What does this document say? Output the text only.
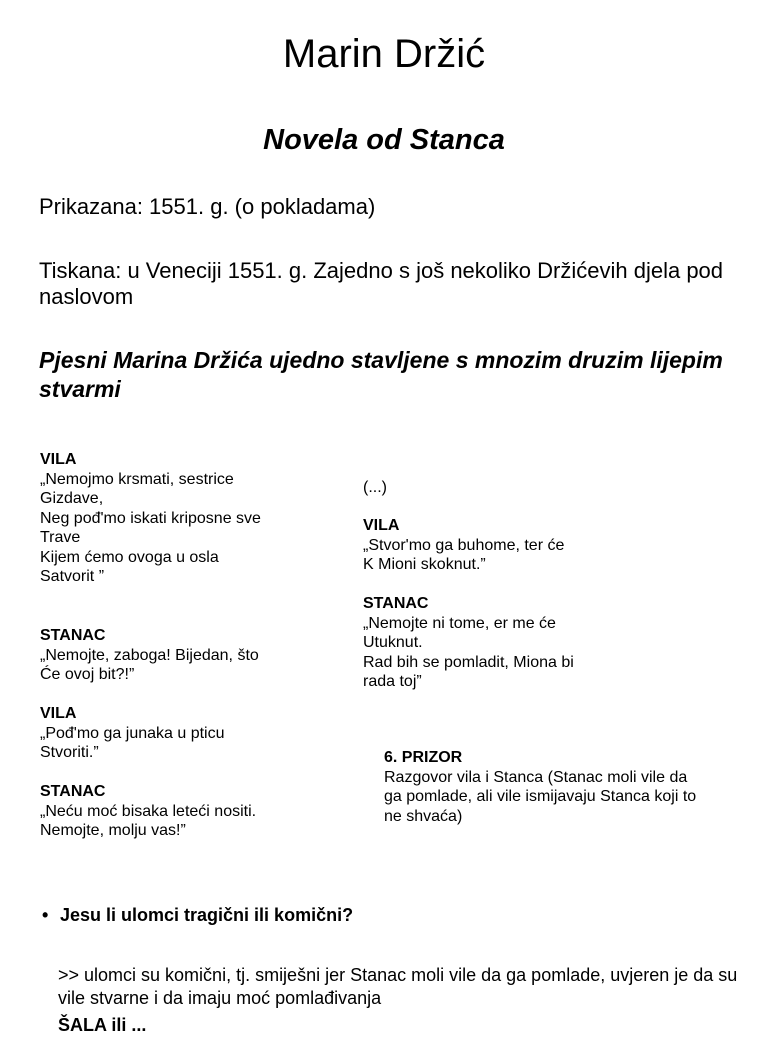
Marin Držić
Novela od Stanca
Prikazana: 1551. g. (o pokladama)
Tiskana: u Veneciji 1551. g. Zajedno s još nekoliko Držićevih djela pod naslovom
Pjesni Marina Držića ujedno stavljene s mnozim druzim lijepim stvarmi
VILA
„Nemojmo krsmati, sestrice
Gizdave,
Neg pođ'mo iskati kriposne sve
Trave
Kijem ćemo ovoga u osla
Satvorit ”
STANAC
„Nemojte, zaboga! Bijedan, što
Će ovoj bit?!”
VILA
„Pođ'mo ga junaka u pticu
Stvoriti.”
STANAC
„Neću moć bisaka leteći nositi.
Nemojte, molju vas!”
(...)
VILA
„Stvor'mo ga buhome, ter će
K Mioni skoknut.”
STANAC
„Nemojte ni tome, er me će
Utuknut.
Rad bih se pomladit, Miona bi
rada toj”
6. PRIZOR
Razgovor vila i Stanca (Stanac moli vile da
ga pomlade, ali vile ismijavaju Stanca koji to
ne shvaća)
• Jesu li ulomci tragični ili komični?
>> ulomci su komični, tj. smiješni jer Stanac moli vile da ga pomlade, uvjeren je da su vile stvarne i da imaju moć pomlađivanja
ŠALA ili ...
